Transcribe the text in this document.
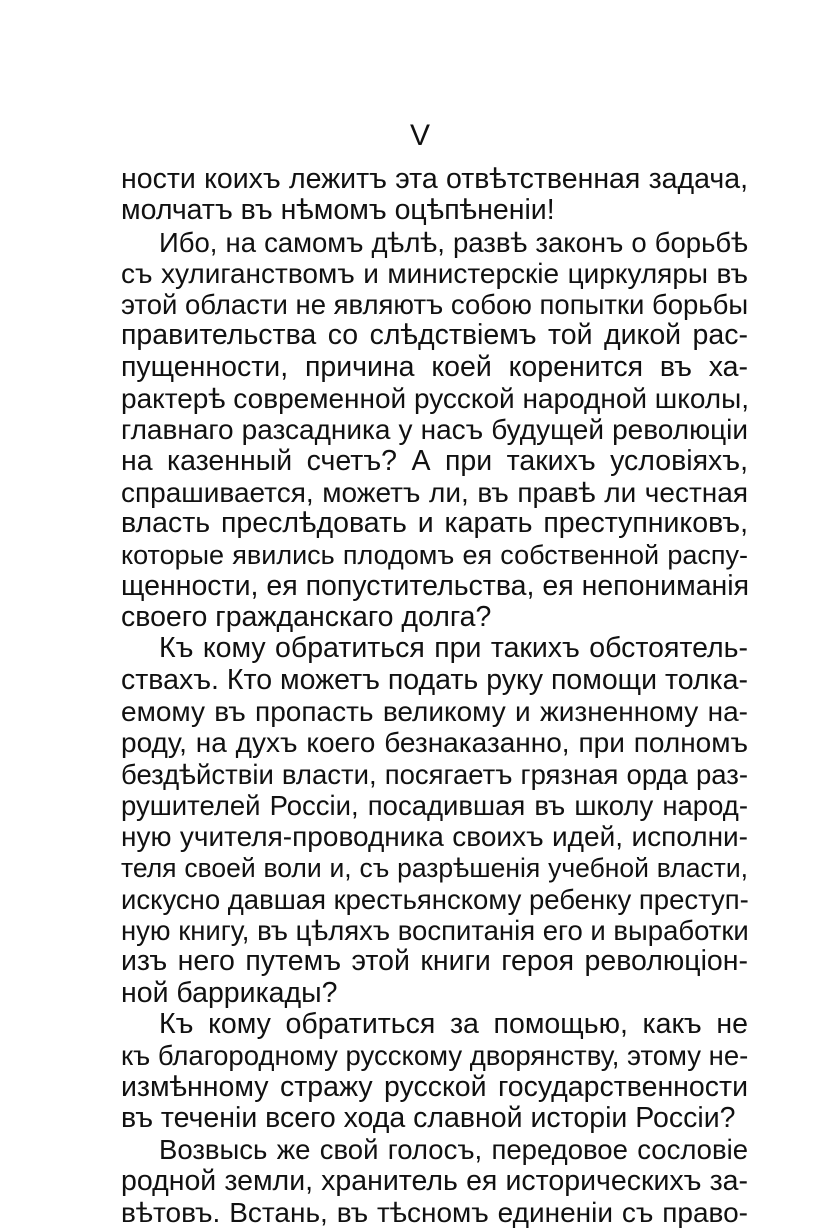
V
ности коихъ лежитъ эта отвѣтственная задача,
молчатъ въ нѣмомъ оцѣпѣненіи!
Ибо, на самомъ дѣлѣ, развѣ законъ о борьбѣ
съ хулиганствомъ и министерскіе циркуляры въ
этой области не являютъ собою попытки борьбы
правительства со слѣдствіемъ той дикой рас-
пущенности, причина коей коренится въ ха-
рактерѣ современной русской народной школы,
главнаго разсадника у насъ будущей революціи
на казенный счетъ? А при такихъ условіяхъ,
спрашивается, можетъ ли, въ правѣ ли честная
власть преслѣдовать и карать преступниковъ,
которые явились плодомъ ея собственной распу-
щенности, ея попустительства, ея непониманія
своего гражданскаго долга?
Къ кому обратиться при такихъ обстоятель-
ствахъ. Кто можетъ подать руку помощи толка-
емому въ пропасть великому и жизненному на-
роду, на духъ коего безнаказанно, при полномъ
бездѣйствіи власти, посягаетъ грязная орда раз-
рушителей Россіи, посадившая въ школу народ-
ную учителя-проводника своихъ идей, исполни-
теля своей воли и, съ разрѣшенія учебной власти,
искусно давшая крестьянскому ребенку преступ-
ную книгу, въ цѣляхъ воспитанія его и выработки
изъ него путемъ этой книги героя революціон-
ной баррикады?
Къ кому обратиться за помощью, какъ не
къ благородному русскому дворянству, этому не-
измѣнному стражу русской государственности
въ теченіи всего хода славной исторіи Россіи?
Возвысь же свой голосъ, передовое сословіе
родной земли, хранитель ея историческихъ за-
вѣтовъ. Встань, въ тѣсномъ единеніи съ право-
